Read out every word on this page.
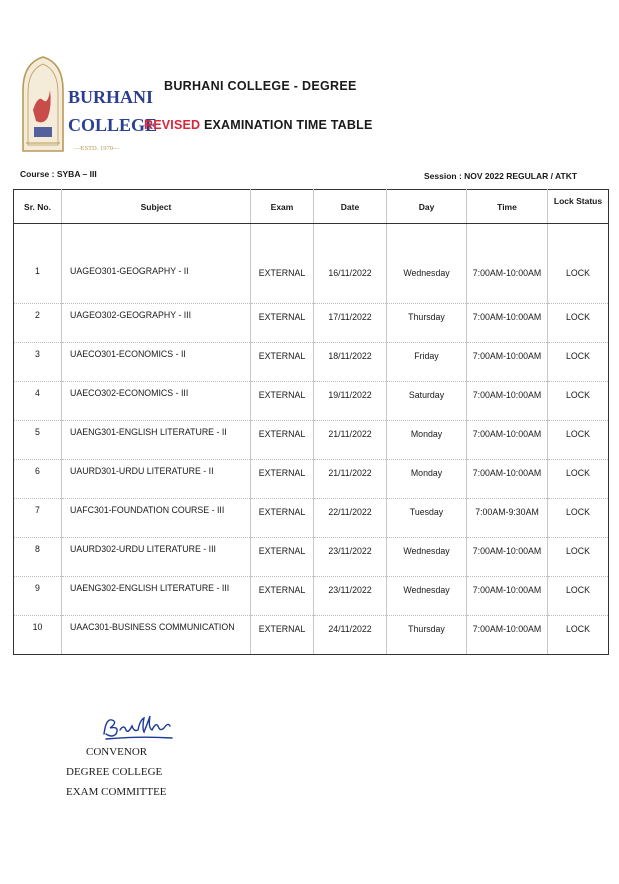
BURHANI
COLLEGE
—ESTD. 1970—
BURHANI COLLEGE - DEGREE
REVISED EXAMINATION TIME TABLE
Course : SYBA – III	Session : NOV 2022 REGULAR / ATKT
Sr. No.	Subject	Exam	Date	Day	Time	Lock Status
1	UAGEO301-GEOGRAPHY - II	EXTERNAL	16/11/2022	Wednesday	7:00AM-10:00AM	LOCK
2	UAGEO302-GEOGRAPHY - III	EXTERNAL	17/11/2022	Thursday	7:00AM-10:00AM	LOCK
3	UAECO301-ECONOMICS - II	EXTERNAL	18/11/2022	Friday	7:00AM-10:00AM	LOCK
4	UAECO302-ECONOMICS - III	EXTERNAL	19/11/2022	Saturday	7:00AM-10:00AM	LOCK
5	UAENG301-ENGLISH LITERATURE - II	EXTERNAL	21/11/2022	Monday	7:00AM-10:00AM	LOCK
6	UAURD301-URDU LITERATURE - II	EXTERNAL	21/11/2022	Monday	7:00AM-10:00AM	LOCK
7	UAFC301-FOUNDATION COURSE - III	EXTERNAL	22/11/2022	Tuesday	7:00AM-9:30AM	LOCK
8	UAURD302-URDU LITERATURE - III	EXTERNAL	23/11/2022	Wednesday	7:00AM-10:00AM	LOCK
9	UAENG302-ENGLISH LITERATURE - III	EXTERNAL	23/11/2022	Wednesday	7:00AM-10:00AM	LOCK
10	UAAC301-BUSINESS COMMUNICATION	EXTERNAL	24/11/2022	Thursday	7:00AM-10:00AM	LOCK
CONVENOR
DEGREE COLLEGE
EXAM COMMITTEE
